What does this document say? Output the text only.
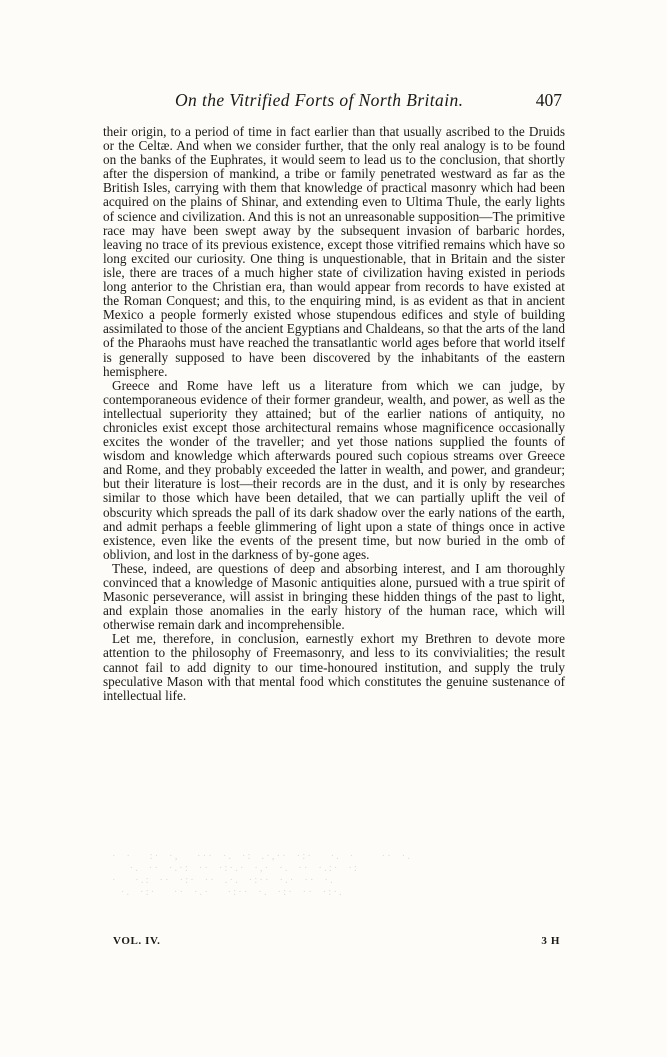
On the Vitrified Forts of North Britain.	407

their origin, to a period of time in fact earlier than that usually ascribed to the Druids or the Celtæ. And when we consider further, that the only real analogy is to be found on the banks of the Euphrates, it would seem to lead us to the conclusion, that shortly after the dispersion of mankind, a tribe or family penetrated westward as far as the British Isles, carrying with them that knowledge of practical masonry which had been acquired on the plains of Shinar, and extending even to Ultima Thule, the early lights of science and civilization. And this is not an unreasonable supposition—The primitive race may have been swept away by the subsequent invasion of barbaric hordes, leaving no trace of its previous existence, except those vitrified remains which have so long excited our curiosity. One thing is unquestionable, that in Britain and the sister isle, there are traces of a much higher state of civilization having existed in periods long anterior to the Christian era, than would appear from records to have existed at the Roman Conquest; and this, to the enquiring mind, is as evident as that in ancient Mexico a people formerly existed whose stupendous edifices and style of building assimilated to those of the ancient Egyptians and Chaldeans, so that the arts of the land of the Pharaohs must have reached the transatlantic world ages before that world itself is generally supposed to have been discovered by the inhabitants of the eastern hemisphere.

Greece and Rome have left us a literature from which we can judge, by contemporaneous evidence of their former grandeur, wealth, and power, as well as the intellectual superiority they attained; but of the earlier nations of antiquity, no chronicles exist except those architectural remains whose magnificence occasionally excites the wonder of the traveller; and yet those nations supplied the founts of wisdom and knowledge which afterwards poured such copious streams over Greece and Rome, and they probably exceeded the latter in wealth, and power, and grandeur; but their literature is lost—their records are in the dust, and it is only by researches similar to those which have been detailed, that we can partially uplift the veil of obscurity which spreads the pall of its dark shadow over the early nations of the earth, and admit perhaps a feeble glimmering of light upon a state of things once in active existence, even like the events of the present time, but now buried in the omb of oblivion, and lost in the darkness of by-gone ages.

These, indeed, are questions of deep and absorbing interest, and I am thoroughly convinced that a knowledge of Masonic antiquities alone, pursued with a true spirit of Masonic perseverance, will assist in bringing these hidden things of the past to light, and explain those anomalies in the early history of the human race, which will otherwise remain dark and incomprehensible.

Let me, therefore, in conclusion, earnestly exhort my Brethren to devote more attention to the philosophy of Freemasonry, and less to its convivialities; the result cannot fail to add dignity to our time-honoured institution, and supply the truly speculative Mason with that mental food which constitutes the genuine sustenance of intellectual life.

· ·  :· ·,  ··· ·. ·: .·,·· ·:·  ·. ·   ·· ·.
·. ·· ·.·: ·· ·:·.· ·,· ·. ·· ·.:· ·:
·  ·.: ·· ·:· ·· .·. ·:·· ·.· ·· ·.
·. ·:·  ·· ·.·  ·:·· ·. ·:· ·· ·:·.
VOL. IV.	3 H
